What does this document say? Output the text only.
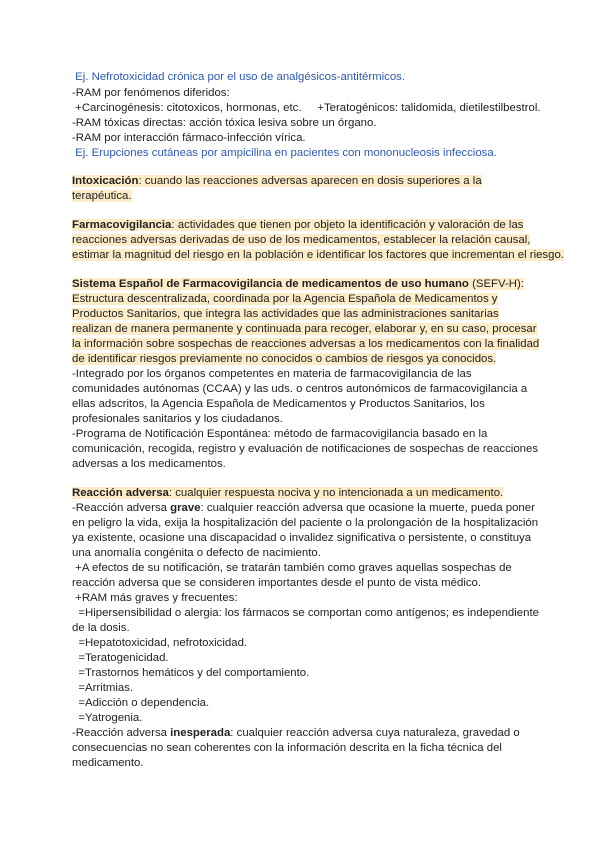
Ej. Nefrotoxicidad crónica por el uso de analgésicos-antitérmicos.
-RAM por fenómenos diferidos:
+Carcinogénesis: citotoxicos, hormonas, etc.     +Teratogénicos: talidomida, dietilestilbestrol.
-RAM tóxicas directas: acción tóxica lesiva sobre un órgano.
-RAM por interacción fármaco-infección vírica.
Ej. Erupciones cutáneas por ampicilina en pacientes con mononucleosis infecciosa.
Intoxicación: cuando las reacciones adversas aparecen en dosis superiores a la
terapéutica.
Farmacovigilancia: actividades que tienen por objeto la identificación y valoración de las
reacciones adversas derivadas de uso de los medicamentos, establecer la relación causal,
estimar la magnitud del riesgo en la población e identificar los factores que incrementan el riesgo.
Sistema Español de Farmacovigilancia de medicamentos de uso humano (SEFV-H):
Estructura descentralizada, coordinada por la Agencia Española de Medicamentos y
Productos Sanitarios, que integra las actividades que las administraciones sanitarias
realizan de manera permanente y continuada para recoger, elaborar y, en su caso, procesar
la información sobre sospechas de reacciones adversas a los medicamentos con la finalidad
de identificar riesgos previamente no conocidos o cambios de riesgos ya conocidos.
-Integrado por los órganos competentes en materia de farmacovigilancia de las
comunidades autónomas (CCAA) y las uds. o centros autonómicos de farmacovigilancia a
ellas adscritos, la Agencia Española de Medicamentos y Productos Sanitarios, los
profesionales sanitarios y los ciudadanos.
-Programa de Notificación Espontánea: método de farmacovigilancia basado en la
comunicación, recogida, registro y evaluación de notificaciones de sospechas de reacciones
adversas a los medicamentos.
Reacción adversa: cualquier respuesta nociva y no intencionada a un medicamento.
-Reacción adversa grave: cualquier reacción adversa que ocasione la muerte, pueda poner
en peligro la vida, exija la hospitalización del paciente o la prolongación de la hospitalización
ya existente, ocasione una discapacidad o invalidez significativa o persistente, o constituya
una anomalía congénita o defecto de nacimiento.
+A efectos de su notificación, se tratarán también como graves aquellas sospechas de
reacción adversa que se consideren importantes desde el punto de vista médico.
+RAM más graves y frecuentes:
=Hipersensibilidad o alergia: los fármacos se comportan como antígenos; es independiente
de la dosis.
=Hepatotoxicidad, nefrotoxicidad.
=Teratogenicidad.
=Trastornos hemáticos y del comportamiento.
=Arritmias.
=Adicción o dependencia.
=Yatrogenia.
-Reacción adversa inesperada: cualquier reacción adversa cuya naturaleza, gravedad o
consecuencias no sean coherentes con la información descrita en la ficha técnica del
medicamento.
